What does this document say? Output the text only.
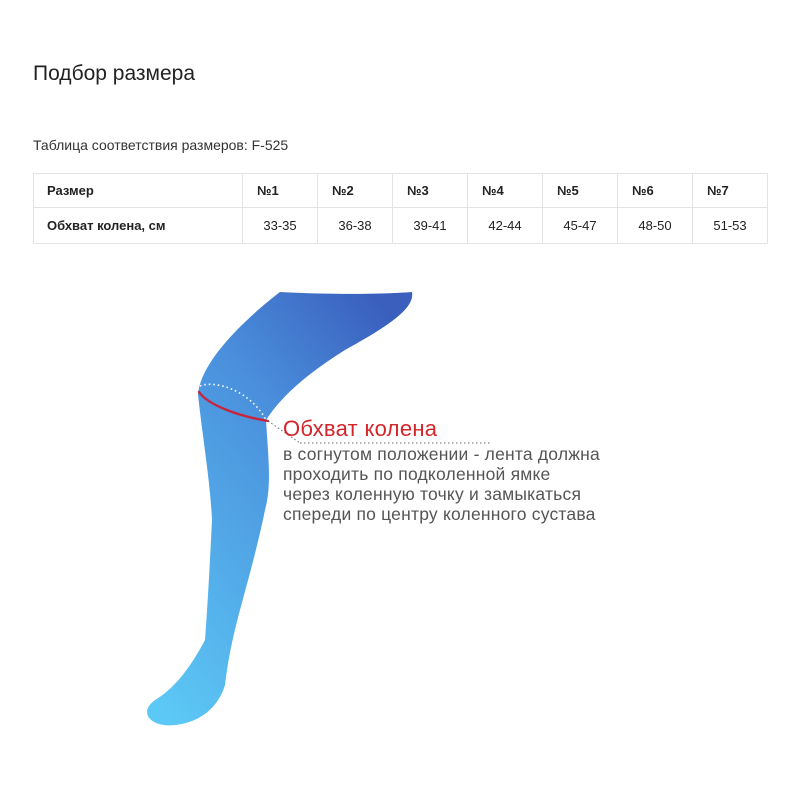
Подбор размера
Таблица соответствия размеров: F-525
Размер	№1	№2	№3	№4	№5	№6	№7
Обхват колена, см	33-35	36-38	39-41	42-44	45-47	48-50	51-53
Обхват колена

в согнутом положении - лента должна
проходить по подколенной ямке
через коленную точку и замыкаться
спереди по центру коленного сустава
